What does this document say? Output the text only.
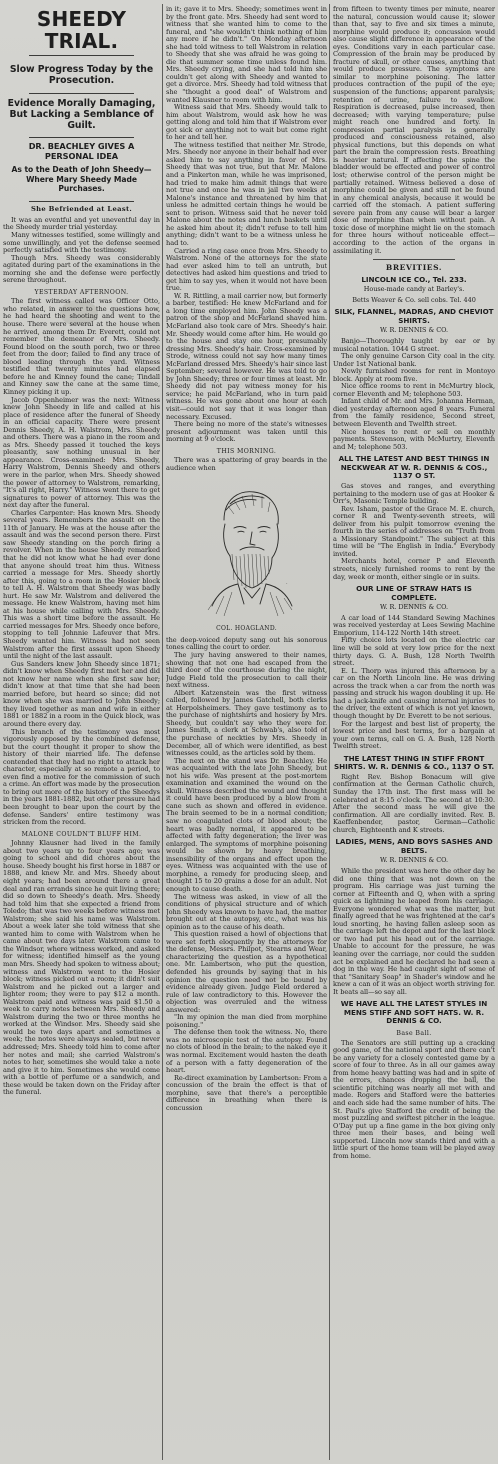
SHEEDY TRIAL.
Slow Progress Today by the Prosecution.
Evidence Morally Damaging, But Lacking a Semblance of Guilt.
DR. BEACHLEY GIVES A PERSONAL IDEA
As to the Death of John Sheedy—Where Mary Sheedy Made Purchases.
She Befriended at Least.

It was an eventful and yet uneventful day in the Sheedy murder trial yesterday.

Many witnesses testified, some willingly and some unwillingly, and yet the defense seemed perfectly satisfied with the testimony.

Though Mrs. Sheedy was considerably agitated during part of the examinations in the morning she and the defense were perfectly serene throughout.

YESTERDAY AFTERNOON.

The first witness called was Officer Otto, who related, in answer to the questions how, he had heard the shooting and went to the house. There were several at the house when he arrived, among them Dr. Everett, could not remember the demeanor of Mrs. Sheedy. Found blood on the south porch, two or three feet from the door; failed to find any trace of blood leading through the yard. Witness testified that twenty minutes had elapsed before he and Kinney found the cane; Tindall and Kinney saw the cane at the same time, Kinney picking it up.

Jacob Oppenheimer was the next: Witness knew John Sheedy in life and called at his place of residence after the funeral of Sheedy in an official capacity. There were present Dennis Sheedy, A. H. Walstrom, Mrs. Sheedy and others. There was a piano in the room and as Mrs. Sheedy passed it touched the keys pleasantly, saw nothing unusual in her appearance. Cross-examined: Mrs. Sheedy, Harry Walstrom, Dennis Sheedy and others were in the parlor, when Mrs. Sheedy showed the power of attorney to Walstrom, remarking, "It's all right, Harry." Witness went there to get signatures to power of attorney. This was the next day after the funeral.

Charles Carpenter: Has known Mrs. Sheedy several years. Remembers the assault on the 11th of January. He was at the house after the assault and was the second person there. First saw Sheedy standing on the porch firing a revolver. When in the house Sheedy remarked that he did not know what he had ever done that anyone should treat him thus. Witness carried a message for Mrs. Sheedy shortly after this, going to a room in the Hosier block to tell A. H. Walstrom that Sheedy was badly hurt. He saw Mr. Walstrom and delivered the message. He knew Walstrom, having met him at his house while calling with Mrs. Sheedy. This was a short time before the assault. He carried messages for Mrs. Sheedy once before, stopping to tell Johnnie Lafeuver that Mrs. Sheedy wanted him. Witness had not seen Walstrom after the first assault upon Sheedy until the night of the last assault.

Gus Sanders knew John Sheedy since 1871; didn't know when Sheedy first met her and did not know her name when she first saw her; didn't know at that time that she had been married before, but heard so since; did not know when she was married to John Sheedy; they lived together as man and wife in either 1881 or 1882 in a room in the Quick block, was around there every day.

This branch of the testimony was most vigorously opposed by the combined defense, but the court thought it proper to show the history of their married life. The defense contended that they had no right to attack her character, especially at so remote a period, to even find a motive for the commission of such a crime. An effort was made by the prosecution to bring out more of the history of the Sheedys in the years 1881-1882, but other pressure had been brought to bear upon the court by the defense. Sanders' entire testimony was stricken from the record.

MALONE COULDN'T BLUFF HIM.

Johnny Klausner had lived in the family about two years up to four years ago; was going to school and did chores about the house. Sheedy bought his first horse in 1887 or 1888, and knew Mr. and Mrs. Sheedy about eight years; had been around there a great deal and ran errands since he quit living there; did so down to Sheedy's death. Mrs. Sheedy had told him that she expected a friend from Toledo; that was two weeks before witness met Walstrom; she said his name was Walstrom. About a week later she told witness that she wanted him to come with Walstrom when he came about two days later. Walstrom came to the Windsor, where witness worked, and asked for witness; identified himself as the young man Mrs. Sheedy had spoken to witness about; witness and Walstrom went to the Hosier block; witness picked out a room; it didn't suit Walstrom and he picked out a larger and lighter room; they were to pay $12 a month. Walstrom paid and witness was paid $1.50 a week to carry notes between Mrs. Sheedy and Walstrom during the two or three months he worked at the Windsor. Mrs. Sheedy said she would be two days apart and sometimes a week; the notes were always sealed, but never addressed; Mrs. Sheedy told him to come after her notes and mail; she carried Walstrom's notes to her, sometimes she would take a note and give it to him. Sometimes she would come with a bottle of perfume or a sandwich, and these would be taken down on the Friday after the funeral.

in it; gave it to Mrs. Sheedy; sometimes went in by the front gate. Mrs. Sheedy had sent word to witness that she wanted him to come to the funeral, and "she wouldn't think nothing of him any more if he didn't." On Monday afternoon she had told witness to tell Walstrom in relation to Sheedy that she was afraid he was going to die that summer some time unless found him. Mrs. Sheedy crying, and she had told him she couldn't get along with Sheedy and wanted to get a divorce. Mrs. Sheedy had told witness that she "thought a good deal" of Walstrom and wanted Klausner to room with him.

Witness said that Mrs. Sheedy would talk to him about Walstrom, would ask how he was getting along and told him that if Walstrom ever got sick or anything not to wait but come right to her and tell her.

The witness testified that neither Mr. Strode, Mrs. Sheedy nor anyone in their behalf had ever asked him to say anything in favor of Mrs. Sheedy that was not true, but that Mr. Malone and a Pinkerton man, while he was imprisoned, had tried to make him admit things that were not true and once he was in jail two weeks at Malone's instance and threatened by him that unless he admitted certain things he would be sent to prison. Witness said that he never told Malone about the notes and lunch baskets until he asked him about it; didn't refuse to tell him anything; didn't want to be a witness unless he had to.

Carried a ring case once from Mrs. Sheedy to Walstrom. None of the attorneys for the state had ever asked him to tell an untruth, but detectives had asked him questions and tried to get him to say yes, when it would not have been true.

W. R. Rittling, a mail carrier now, but formerly a barber, testified: He knew McFarland and for a long time employed him. John Sheedy was a patron of the shop and McFarland shaved him. McFarland also took care of Mrs. Sheedy's hair. Mr. Sheedy would come after him. He would go to the house and stay one hour, presumably dressing Mrs. Sheedy's hair. Cross-examined by Strode, witness could not say how many times McFarland dressed Mrs. Sheedy's hair since last September; several however. He was told to go by John Sheedy; three or four times at least. Mr. Sheedy did not pay witness money for his service; he paid McFarland, who in turn paid witness. He was gone about one hour at each visit—could not say that it was longer than necessary. Excused.

There being no more of the state's witnesses present adjournment was taken until this morning at 9 o'clock.

THIS MORNING.

There was a spattering of gray beards in the audience when

.
COL. HOAGLAND.

the deep-voiced deputy sang out his sonorous tones calling the court to order.

The jury having answered to their names, showing that not one had escaped from the third door of the courthouse during the night, Judge Field told the prosecution to call their next witness.

Albert Katzenstein was the first witness called, followed by James Gatchell, both clerks at Herpolsheimers. They gave testimony as to the purchase of nightshirts and hosiery by Mrs. Sheedy, but couldn't say who they were for. James Smith, a clerk at Schwab's, also told of the purchase of neckties by Mrs. Sheedy in December, all of which were identified, as best witnesses could, as the articles sold by them.

The next on the stand was Dr. Beachley. He was acquainted with the late John Sheedy, but not his wife. Was present at the post-mortem examination and examined the wound on the skull. Witness described the wound and thought it could have been produced by a blow from a cane such as shown and offered in evidence. The brain seemed to be in a normal condition; saw no coagulated clots of blood about; the heart was badly normal, it appeared to be affected with fatty degeneration; the liver was enlarged. The symptoms of morphine poisoning would be shown by heavy breathing, insensibility of the organs and effect upon the eyes. Witness was acquainted with the use of morphine, a remedy for producing sleep, and thought 15 to 20 grains a dose for an adult. Not enough to cause death.

The witness was asked, in view of all the conditions of physical structure and of which John Sheedy was known to have had, the matter brought out at the autopsy, etc., what was his opinion as to the cause of his death.

This question raised a howl of objections that were set forth eloquently by the attorneys for the defense, Messrs. Philpot, Stearns and Wear, characterizing the question as a hypothetical one. Mr. Lambertson, who put the question, defended his grounds by saying that in his opinion the question need not be bound by evidence already given. Judge Field ordered a rule of law contradictory to this. However the objection was overruled and the witness answered:

"In my opinion the man died from morphine poisoning."

The defense then took the witness. No, there was no microscopic test of the autopsy. Found no clots of blood in the brain; to the naked eye it was normal. Excitement would hasten the death of a person with a fatty degeneration of the heart.

Re-direct examination by Lambertson: From a concussion of the brain the effect is that of morphine, save that there's a perceptible difference in breathing when there is concussion

from fifteen to twenty times per minute, nearer the natural, concussion would cause it; slower than that, say to five and six times a minute, morphine would produce it; concussion would also cause slight difference in appearance of the eyes. Conditions vary in each particular case. Compression of the brain may be produced by fracture of skull, or other causes, anything that would produce pressure. The symptoms are similar to morphine poisoning. The latter produces contraction of the pupil of the eye; suspension of the functions; apparent paralysis; retention of urine, failure to swallow. Respiration is decreased, pulse increased, then decreased; with varying temperature; pulse might reach one hundred and forty. In compression partial paralysis is generally produced and consciousness retained, also physical functions, but this depends on what part the brain the compression rests. Breathing is heavier natural. If affecting the spine the bladder would be effected and power of control lost; otherwise control of the person might be partially retained. Witness believed a dose of morphine could be given and still not be found in any chemical analysis, because it would be carried off the stomach. A patient suffering severe pain from any cause will bear a larger dose of morphine than when without pain. A toxic dose of morphine might lie on the stomach for three hours without noticeable effect—according to the action of the organs in assimilating it.

BREVITIES.
LINCOLN ICE CO., Tel. 233.
House-made candy at Barley's.
Betts Weaver & Co. sell cobs. Tel. 440
SILK, FLANNEL, MADRAS, AND CHEVIOT SHIRTS.
W. R. DENNIS & CO.

Banjo—Thoroughly taught by ear or by musical notation. 1044 G street.

The only genuine Carson City coal in the city. Under 1st National bank.

Newly furnished rooms for rent in Montoyo block. Apply at room five.

Nice office rooms to rent in McMurtry block, corner Eleventh and M; telephone 503.

Infant child of Mr. and Mrs. Johanna Herman, died yesterday afternoon aged 8 years. Funeral from the family residence, Second street, between Eleventh and Twelfth street.

Nice houses to rent or sell on monthly payments. Stevenson, with McMurtry, Eleventh and M; telephone 503.

ALL THE LATEST AND BEST THINGS IN NECKWEAR AT W. R. DENNIS & COS., 1137 O ST.

Gas stoves and ranges, and everything pertaining to the modern use of gas at Hooker & Orr's, Masonic Temple building.

Rev. Isham, pastor of the Grace M. E. church, corner R and Twenty-seventh streets, will deliver from his pulpit tomorrow evening the fourth in the series of addresses on "Truth from a Missionary Standpoint." The subject at this time will be "The English in India." Everybody invited.

Merchants hotel, corner P and Eleventh streets, nicely furnished rooms to rent by the day, week or month, either single or in suits.

OUR LINE OF STRAW HATS IS COMPLETE.
W. R. DENNIS & CO.

A car load of 144 Standard Sewing Machines was received yesterday at Lees Sewing Machine Emporium, 114-122 North 14th street.

Fifty choice lots located on the electric car line will be sold at very low price for the next thirty days. G. A. Bush, 128 North Twelfth street.

E. L. Thorp was injured this afternoon by a car on the North Lincoln line. He was driving across the track when a car from the north was passing and struck his wagon doubling it up. He had a jack-knife and causing internal injuries to the driver, the extent of which is not yet known, though thought by Dr. Everett to be not serious.

For the largest and best list of property, the lowest price and best terms, for a bargain at your own terms, call on G. A. Bush, 128 North Twelfth street.

THE LATEST THING IN STIFF FRONT SHIRTS. W. R. DENNIS & CO., 1137 O ST.

Right Rev. Bishop Bonacum will give confirmation at the German Catholic church, Sunday the 17th inst. The first mass will be celebrated at 8:15 o'clock. The second at 10:30. After the second mass he will give the confirmation. All are cordially invited. Rev. B. Kaeffenbender, pastor, German—Catholic church, Eighteenth and K streets.

LADIES, MENS, AND BOYS SASHES AND BELTS.
W. R. DENNIS & CO.

While the president was here the other day he did one thing that was not down on the program. His carriage was just turning the corner at Fifteenth and Q, when with a spring quick as lightning he leaped from his carriage. Everyone wondered what was the matter, but finally agreed that he was frightened at the car's loud snorting, he having fallen asleep soon as the carriage left the depot and for the last block or two had put his head out of the carriage. Unable to account for the pressure, he was leaning over the carriage, nor could the sudden act be explained and he declared he had seen a dog in the way. He had caught sight of some of that "Sanitary Soap" in Shader's window and he knew a can of it was an object worth striving for. It beats all—so say all.

WE HAVE ALL THE LATEST STYLES IN MENS STIFF AND SOFT HATS. W. R. DENNIS & CO.
Base Ball.

The Senators are still putting up a cracking good game, of the national sport and there can't be any variety for a closely contested game by a score of four to three. As in all our games away from home heavy batting was had and in spite of the errors, chances dropping the ball, the scientific pitching was nearly all met with and made. Rogers and Stafford were the batteries and each side had the same number of hits. The St. Paul's give Stafford the credit of being the most puzzling and swiftest pitcher in the league. O'Day put up a fine game in the box giving only three men their bases, and being well supported. Lincoln now stands third and with a little spurt of the home team will be played away from home.
